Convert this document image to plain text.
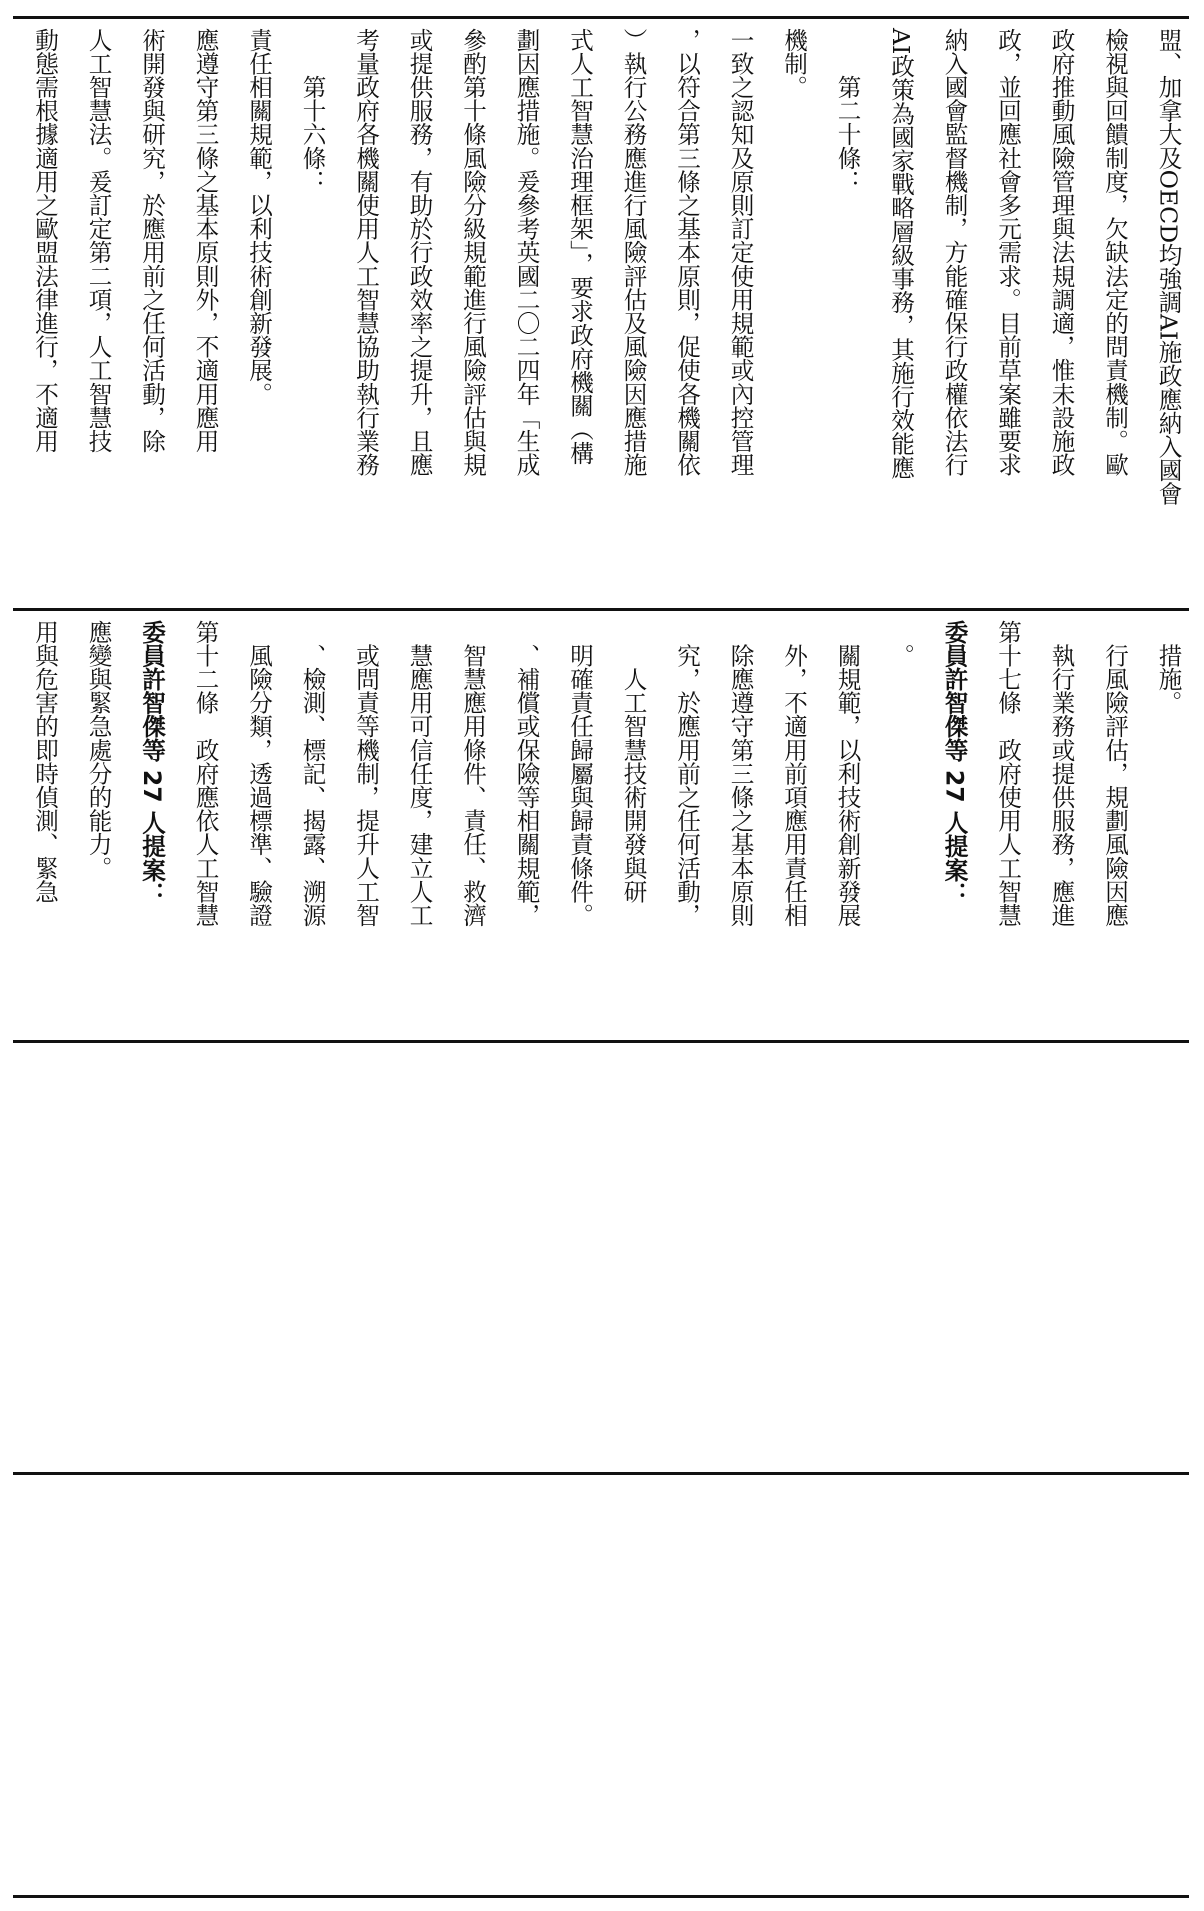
動態需根據適用之歐盟法律進行，不適用	人工智慧法。爰訂定第二項，人工智慧技	術開發與研究，於應用前之任何活動，除	應遵守第三條之基本原則外，不適用應用	責任相關規範，以利技術創新發展。	　　第十六條：	考量政府各機關使用人工智慧協助執行業務	或提供服務，有助於行政效率之提升，且應	參酌第十條風險分級規範進行風險評估與規	劃因應措施。爰參考英國二〇二四年「生成	式人工智慧治理框架」，要求政府機關（構	）執行公務應進行風險評估及風險因應措施	，以符合第三條之基本原則，促使各機關依	一致之認知及原則訂定使用規範或內控管理	機制。	　　第二十條：	AI政策為國家戰略層級事務，其施行效能應	納入國會監督機制，方能確保行政權依法行	政，並回應社會多元需求。目前草案雖要求	政府推動風險管理與法規調適，惟未設施政	檢視與回饋制度，欠缺法定的問責機制。歐	盟、加拿大及OECD均強調AI施政應納入國會
用與危害的即時偵測、緊急	應變與緊急處分的能力。	委員許智傑等 27 人提案：	第十二條　政府應依人工智慧	　風險分類，透過標準、驗證	　、檢測、標記、揭露、溯源	　或問責等機制，提升人工智	　慧應用可信任度，建立人工	　智慧應用條件、責任、救濟	　、補償或保險等相關規範，	　明確責任歸屬與歸責條件。	　　人工智慧技術開發與研	　究，於應用前之任何活動，	　除應遵守第三條之基本原則	　外，不適用前項應用責任相	　關規範，以利技術創新發展	　。	委員許智傑等 27 人提案：	第十七條　政府使用人工智慧	　執行業務或提供服務，應進	　行風險評估，規劃風險因應	　措施。
